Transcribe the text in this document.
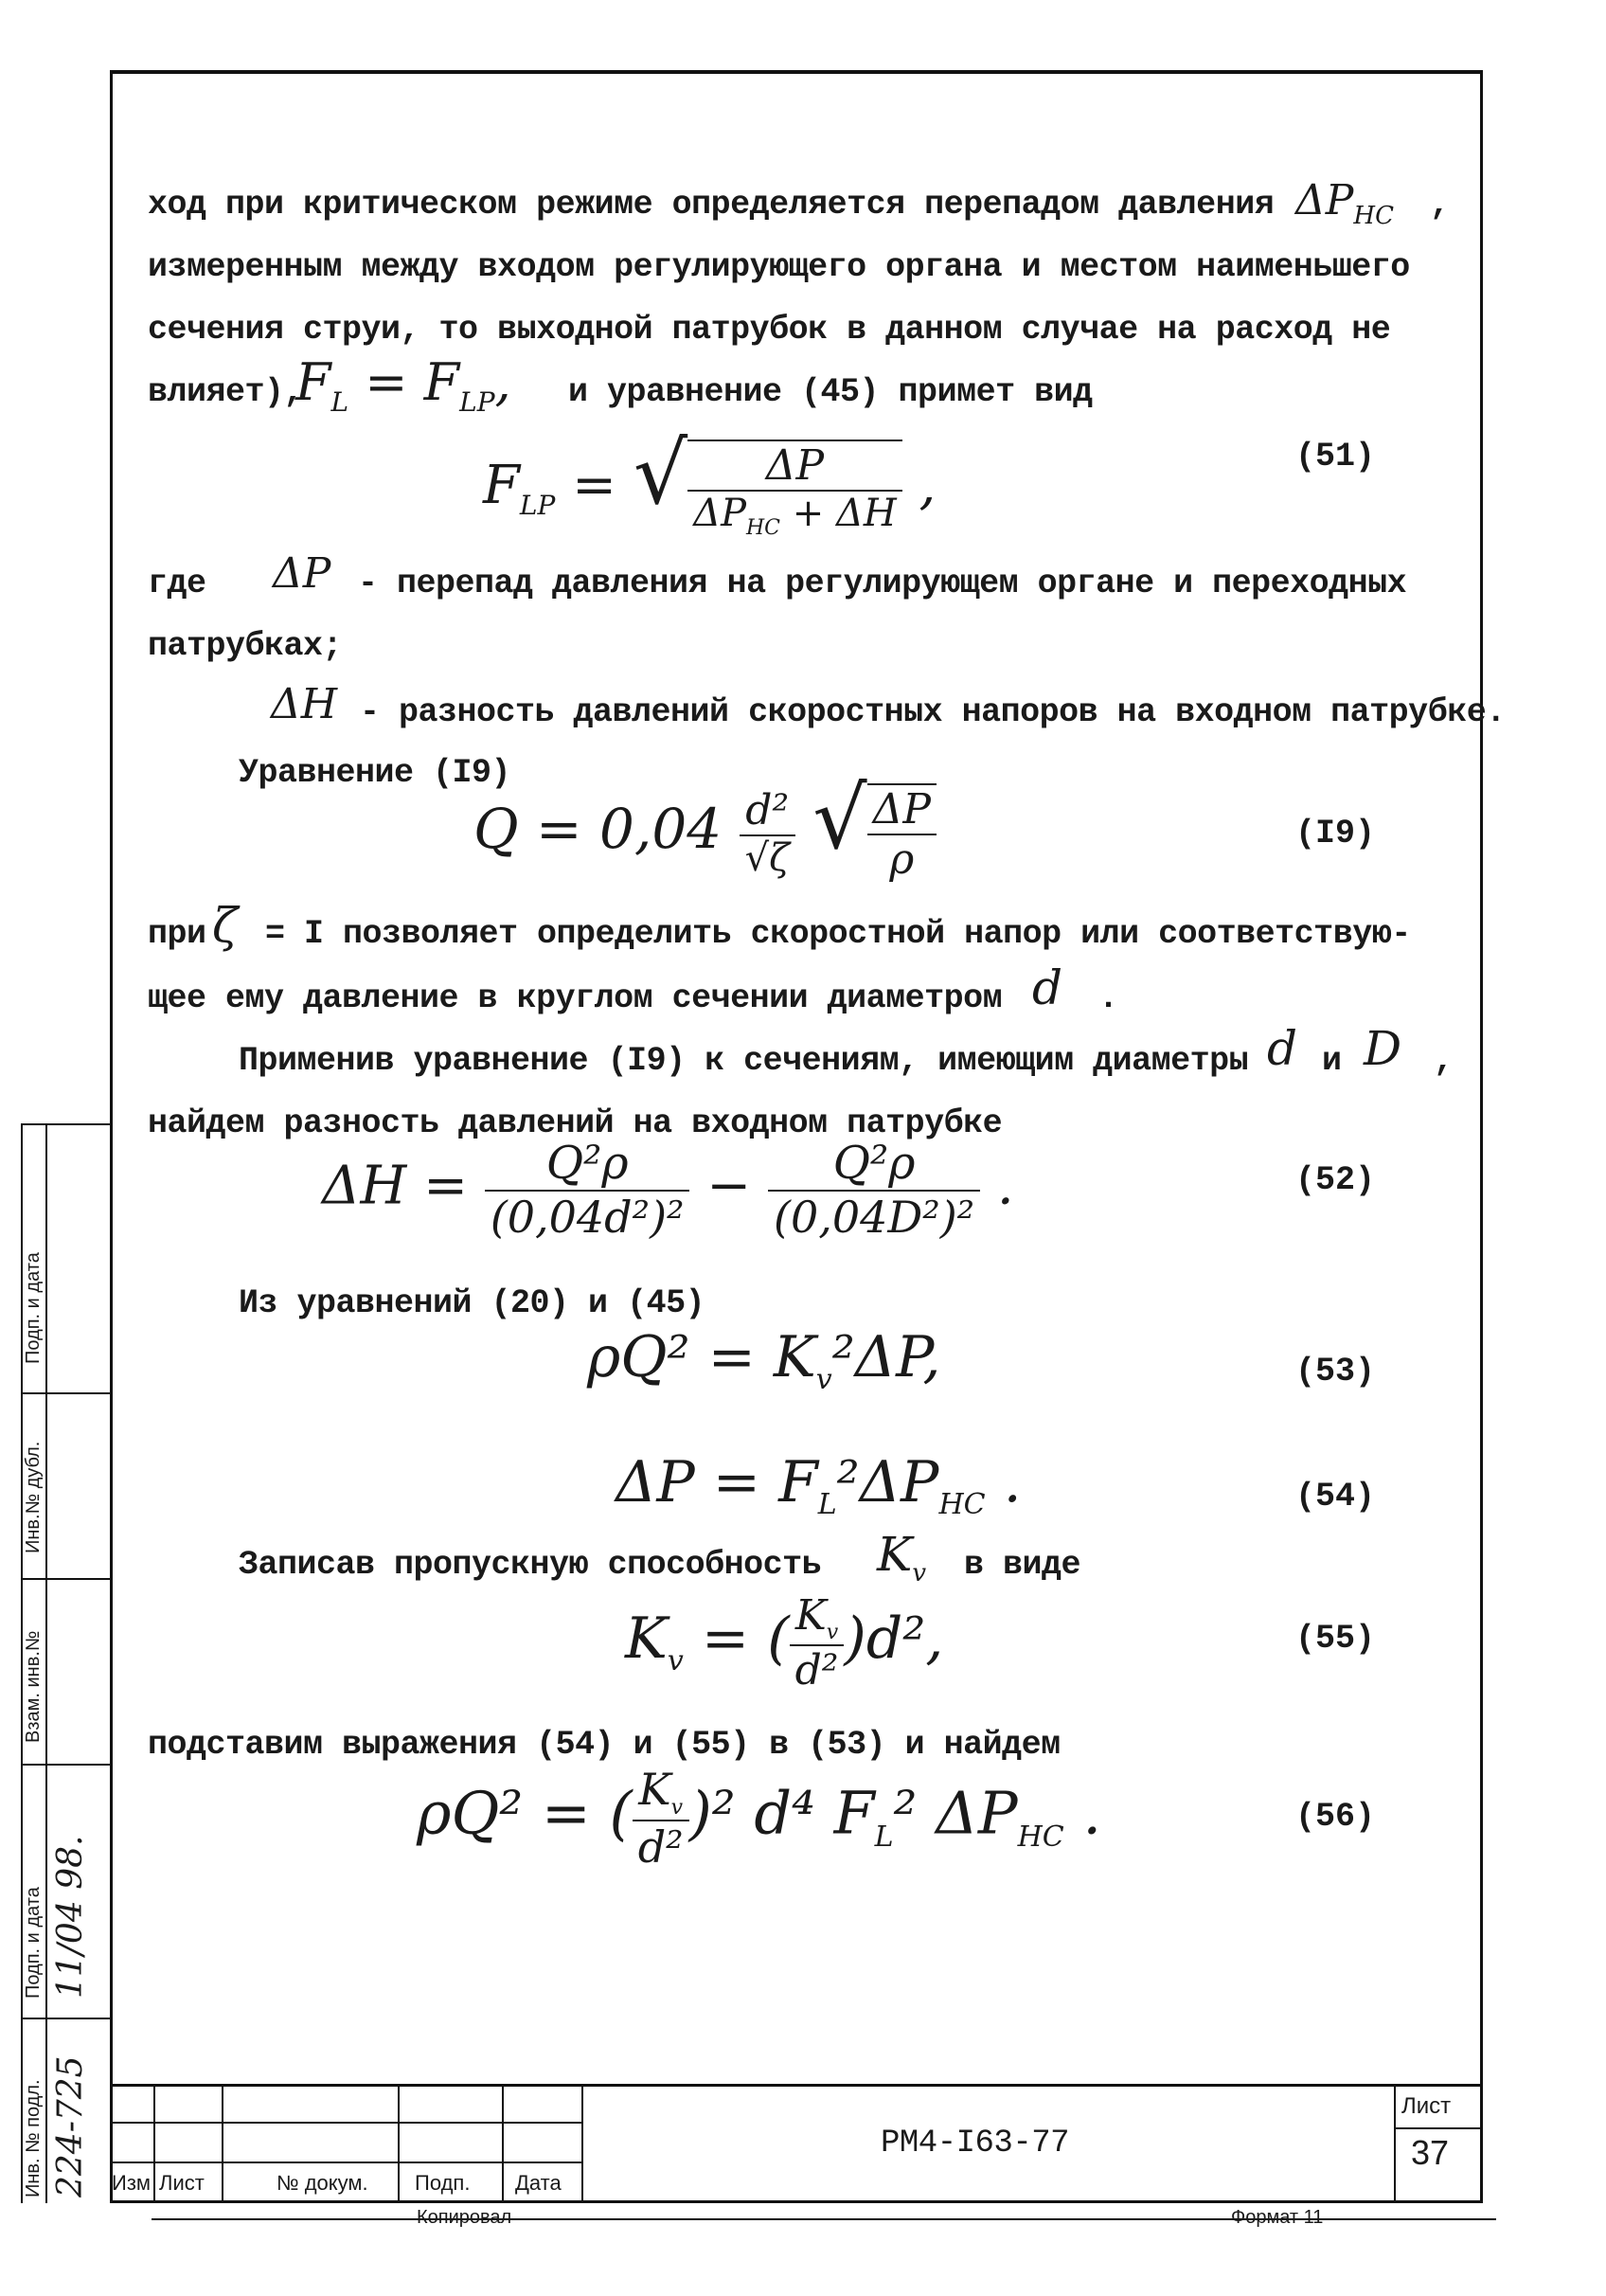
ход при критическом режиме определяется перепадом давления $\Delta P_{НС}$ ,
измеренным между входом регулирующего органа и местом наименьшего
сечения струи, то выходной патрубок в данном случае на расход не
влияет),
$F_L = F_{LP}$, и уравнение (45) примет вид
$F_{LP}$ = √ $\frac{\Delta P}{\Delta P_{HC} + \Delta H}$ ,	(51)
где ΔP - перепад давления на регулирующем органе и переходных
патрубках;
ΔH - разность давлений скоростных напоров на входном патрубке.
Уравнение (I9)
$Q = 0,04 \frac{\text{d²}}{√\zeta}$ √ $\frac{\Delta P}{\rho}$	(I9)
при ζ = I позволяет определить скоростной напор или соответствую-
щее ему давление в круглом сечении диаметром d .
Применив уравнение (I9) к сечениям, имеющим диаметры d и D ,
найдем разность давлений на входном патрубке
$\Delta H = \frac{\text{Q²ρ}}{\text{(0,04d²)²}} - \frac{\text{Q²ρ}}{\text{(0,04D²)²}}$ .	(52)
Из уравнений (20) и (45)
$\rho Q^2 = K_v^2\Delta P$,	(53)
$\Delta P = F_L^2\Delta P_{HC}$ .	(54)
Записав пропускную способность $K_v$ в виде
$K_v$ = ( $\frac{K_v}{\text{d²}} )d^2$,	(55)
подставим выражения (54) и (55) в (53) и найдем
ρQ² = ( $\frac{K_v}{\text{d²}} )^2$ d⁴ $F_L^2$ $\Delta P_{HC}$ .	(56)
Изм Лист	№ докум. Подп. Дата
РМ4-I63-77
Лист
37
Копировал	Формат 11
Подп. и дата
Инв.№ дубл.
Взам. инв.№
Подп. и дата
Инв. № подл. 224-725
11/04 98.
